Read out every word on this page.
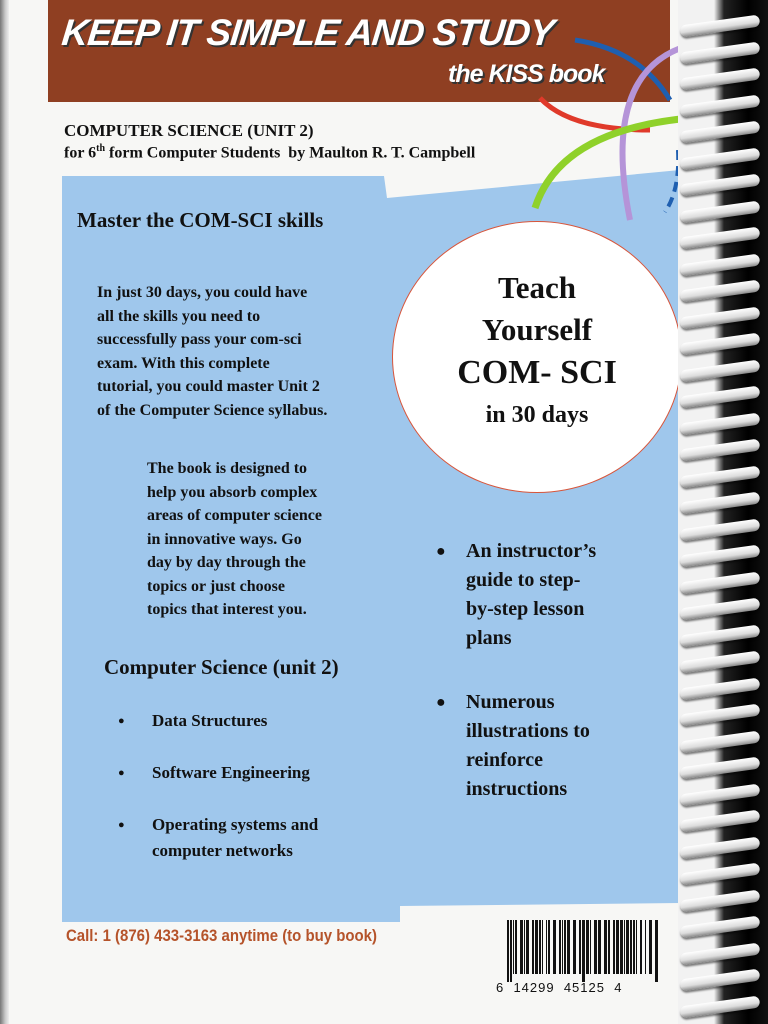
KEEP IT SIMPLE AND STUDY
the KISS book
COMPUTER SCIENCE (UNIT 2)
for 6th form Computer Students  by Maulton R. T. Campbell
Master the COM-SCI skills
In just 30 days, you could have
all the skills you need to
successfully pass your com-sci
exam. With this complete
tutorial, you could master Unit 2
of the Computer Science syllabus.
The book is designed to
help you absorb complex
areas of computer science
in innovative ways. Go
day by day through the
topics or just choose
topics that interest you.
Teach
Yourself
COM- SCI
in 30 days
● An instructor’s
guide to step-
by-step lesson
plans
● Numerous
illustrations to
reinforce
instructions
Computer Science (unit 2)
● Data Structures
● Software Engineering
● Operating systems and
computer networks
Call: 1 (876) 433-3163 anytime (to buy book)
6  14299  45125  4
